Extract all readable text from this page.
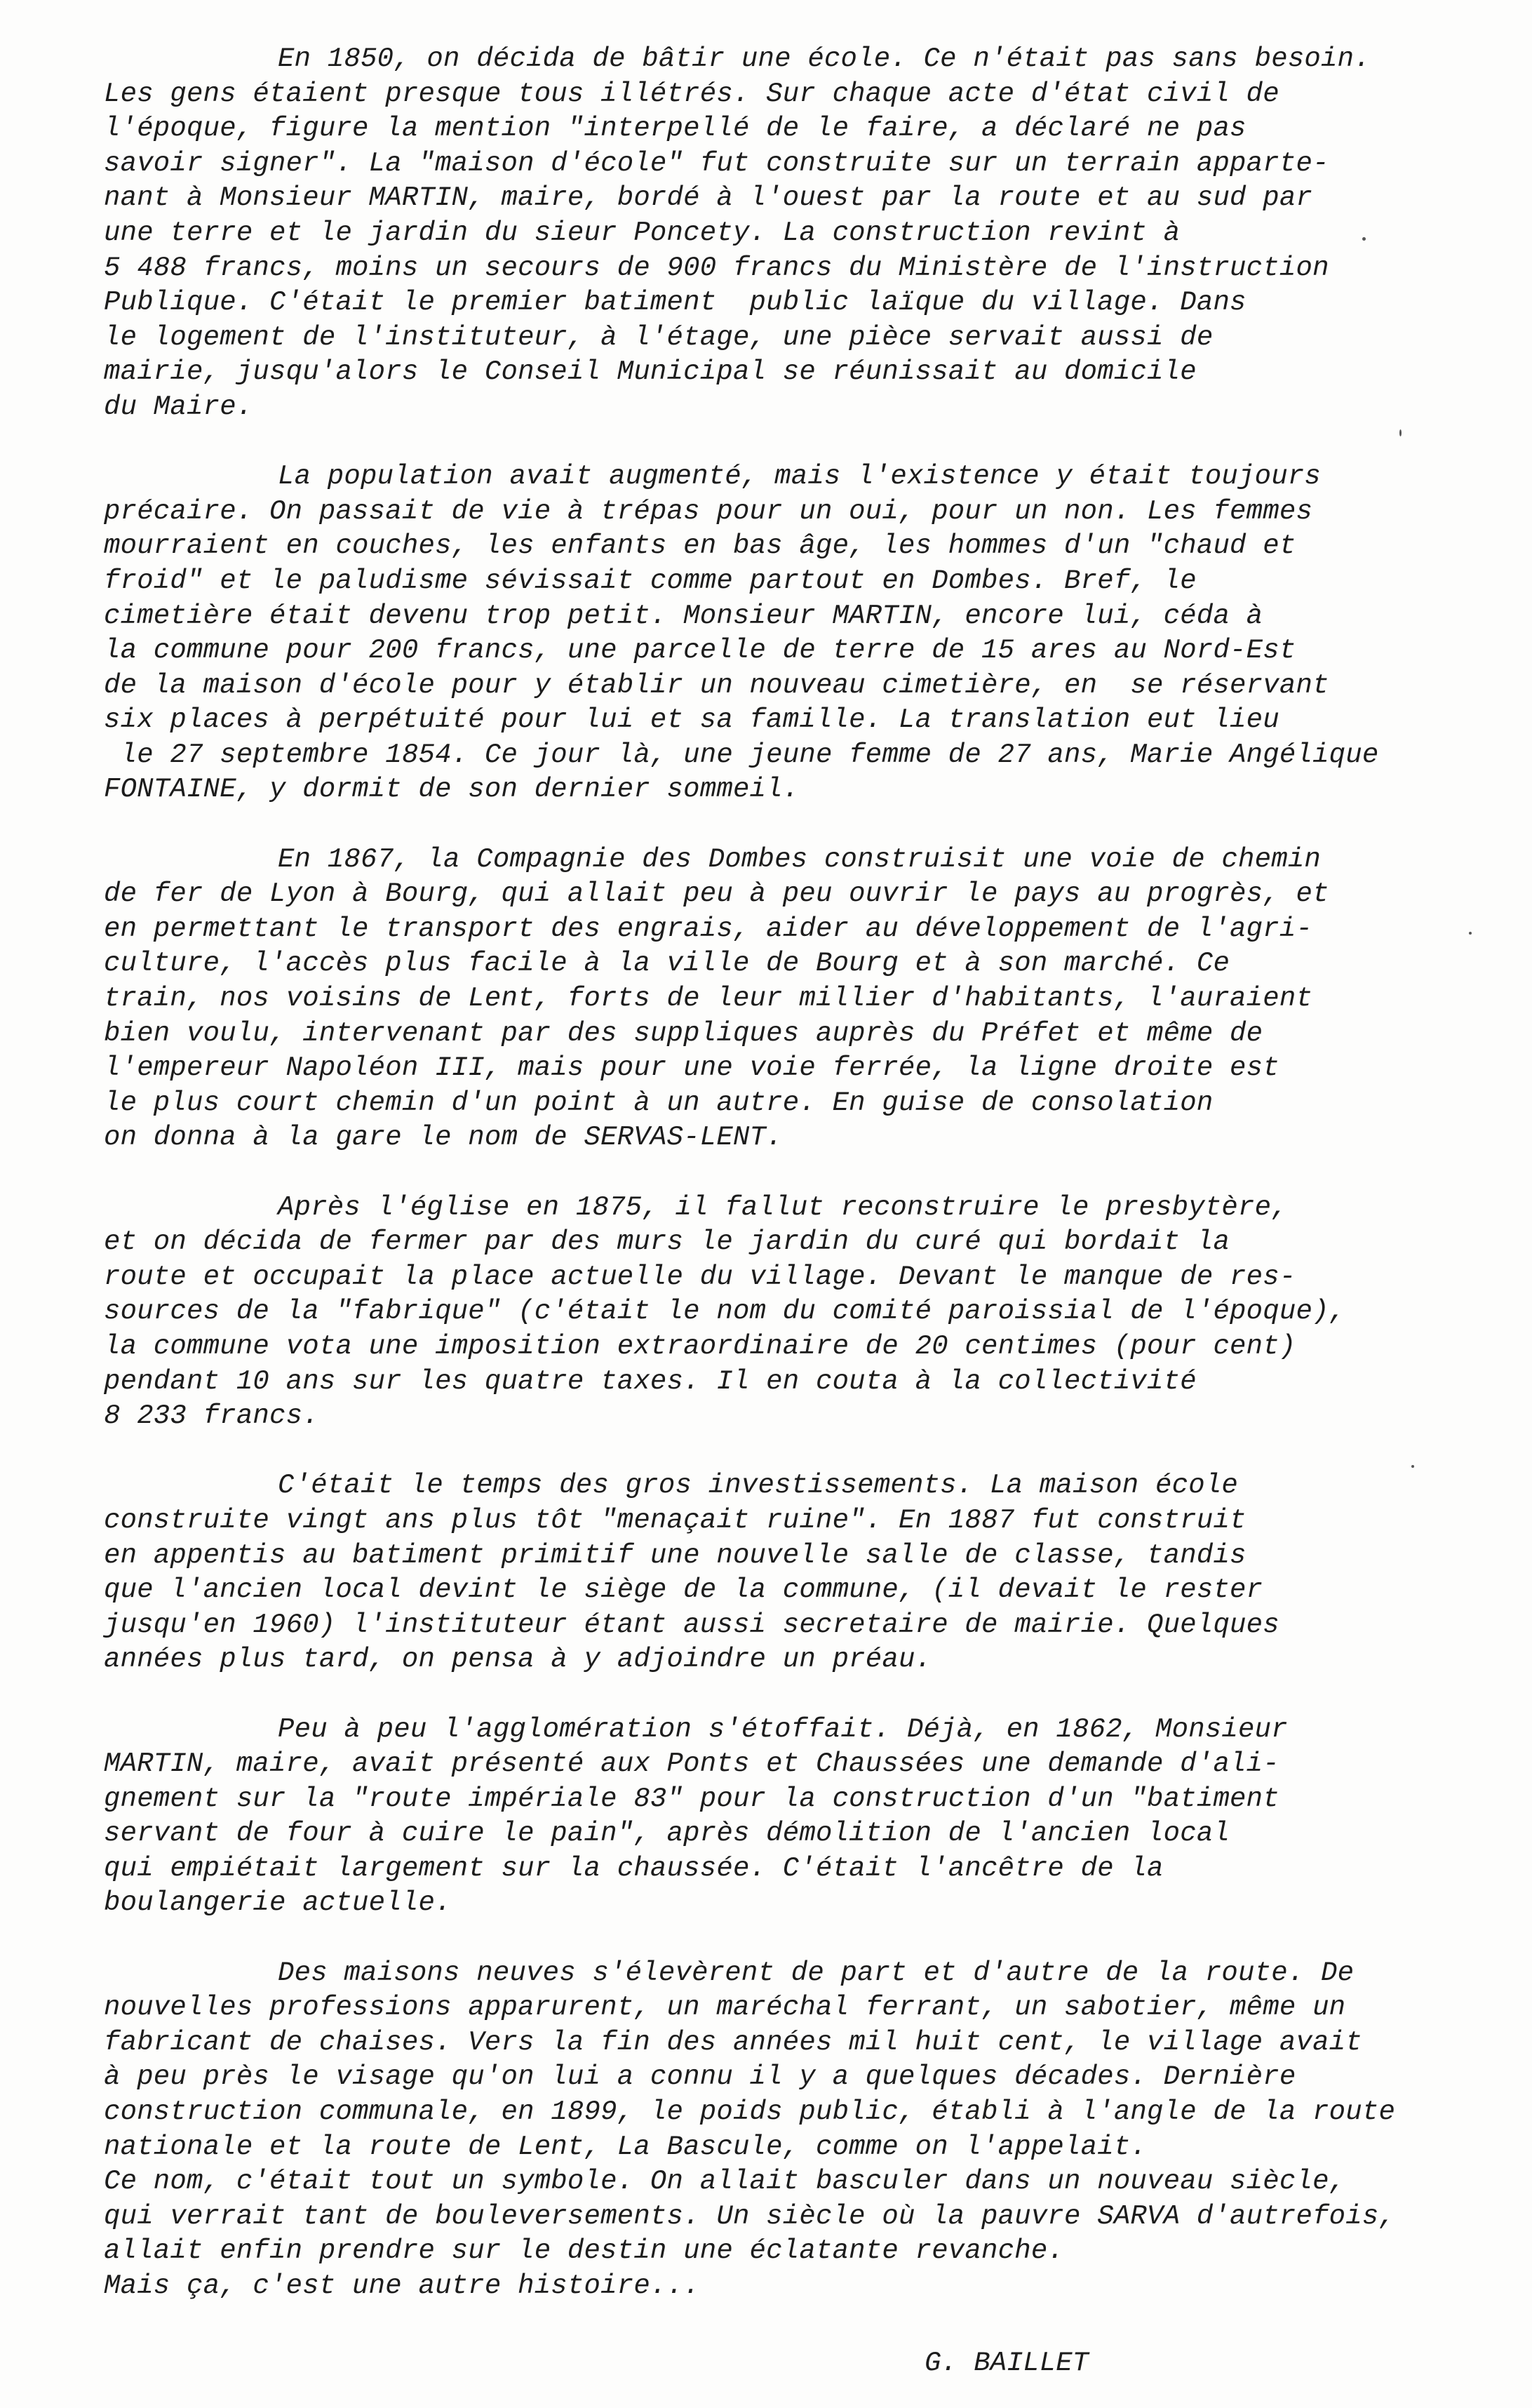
En 1850, on décida de bâtir une école. Ce n'était pas sans besoin.
Les gens étaient presque tous illétrés. Sur chaque acte d'état civil de
l'époque, figure la mention "interpellé de le faire, a déclaré ne pas
savoir signer". La "maison d'école" fut construite sur un terrain apparte-
nant à Monsieur MARTIN, maire, bordé à l'ouest par la route et au sud par
une terre et le jardin du sieur Poncety. La construction revint à
5 488 francs, moins un secours de 900 francs du Ministère de l'instruction
Publique. C'était le premier batiment  public laïque du village. Dans
le logement de l'instituteur, à l'étage, une pièce servait aussi de
mairie, jusqu'alors le Conseil Municipal se réunissait au domicile
du Maire.
La population avait augmenté, mais l'existence y était toujours
précaire. On passait de vie à trépas pour un oui, pour un non. Les femmes
mourraient en couches, les enfants en bas âge, les hommes d'un "chaud et
froid" et le paludisme sévissait comme partout en Dombes. Bref, le
cimetière était devenu trop petit. Monsieur MARTIN, encore lui, céda à
la commune pour 200 francs, une parcelle de terre de 15 ares au Nord-Est
de la maison d'école pour y établir un nouveau cimetière, en  se réservant
six places à perpétuité pour lui et sa famille. La translation eut lieu
le 27 septembre 1854. Ce jour là, une jeune femme de 27 ans, Marie Angélique
FONTAINE, y dormit de son dernier sommeil.
En 1867, la Compagnie des Dombes construisit une voie de chemin
de fer de Lyon à Bourg, qui allait peu à peu ouvrir le pays au progrès, et
en permettant le transport des engrais, aider au développement de l'agri-
culture, l'accès plus facile à la ville de Bourg et à son marché. Ce
train, nos voisins de Lent, forts de leur millier d'habitants, l'auraient
bien voulu, intervenant par des suppliques auprès du Préfet et même de
l'empereur Napoléon III, mais pour une voie ferrée, la ligne droite est
le plus court chemin d'un point à un autre. En guise de consolation
on donna à la gare le nom de SERVAS-LENT.
Après l'église en 1875, il fallut reconstruire le presbytère,
et on décida de fermer par des murs le jardin du curé qui bordait la
route et occupait la place actuelle du village. Devant le manque de res-
sources de la "fabrique" (c'était le nom du comité paroissial de l'époque),
la commune vota une imposition extraordinaire de 20 centimes (pour cent)
pendant 10 ans sur les quatre taxes. Il en couta à la collectivité
8 233 francs.
C'était le temps des gros investissements. La maison école
construite vingt ans plus tôt "menaçait ruine". En 1887 fut construit
en appentis au batiment primitif une nouvelle salle de classe, tandis
que l'ancien local devint le siège de la commune, (il devait le rester
jusqu'en 1960) l'instituteur étant aussi secretaire de mairie. Quelques
années plus tard, on pensa à y adjoindre un préau.
Peu à peu l'agglomération s'étoffait. Déjà, en 1862, Monsieur
MARTIN, maire, avait présenté aux Ponts et Chaussées une demande d'ali-
gnement sur la "route impériale 83" pour la construction d'un "batiment
servant de four à cuire le pain", après démolition de l'ancien local
qui empiétait largement sur la chaussée. C'était l'ancêtre de la
boulangerie actuelle.
Des maisons neuves s'élevèrent de part et d'autre de la route. De
nouvelles professions apparurent, un maréchal ferrant, un sabotier, même un
fabricant de chaises. Vers la fin des années mil huit cent, le village avait
à peu près le visage qu'on lui a connu il y a quelques décades. Dernière
construction communale, en 1899, le poids public, établi à l'angle de la route
nationale et la route de Lent, La Bascule, comme on l'appelait.
Ce nom, c'était tout un symbole. On allait basculer dans un nouveau siècle,
qui verrait tant de bouleversements. Un siècle où la pauvre SARVA d'autrefois,
allait enfin prendre sur le destin une éclatante revanche.
Mais ça, c'est une autre histoire...
G. BAILLET
